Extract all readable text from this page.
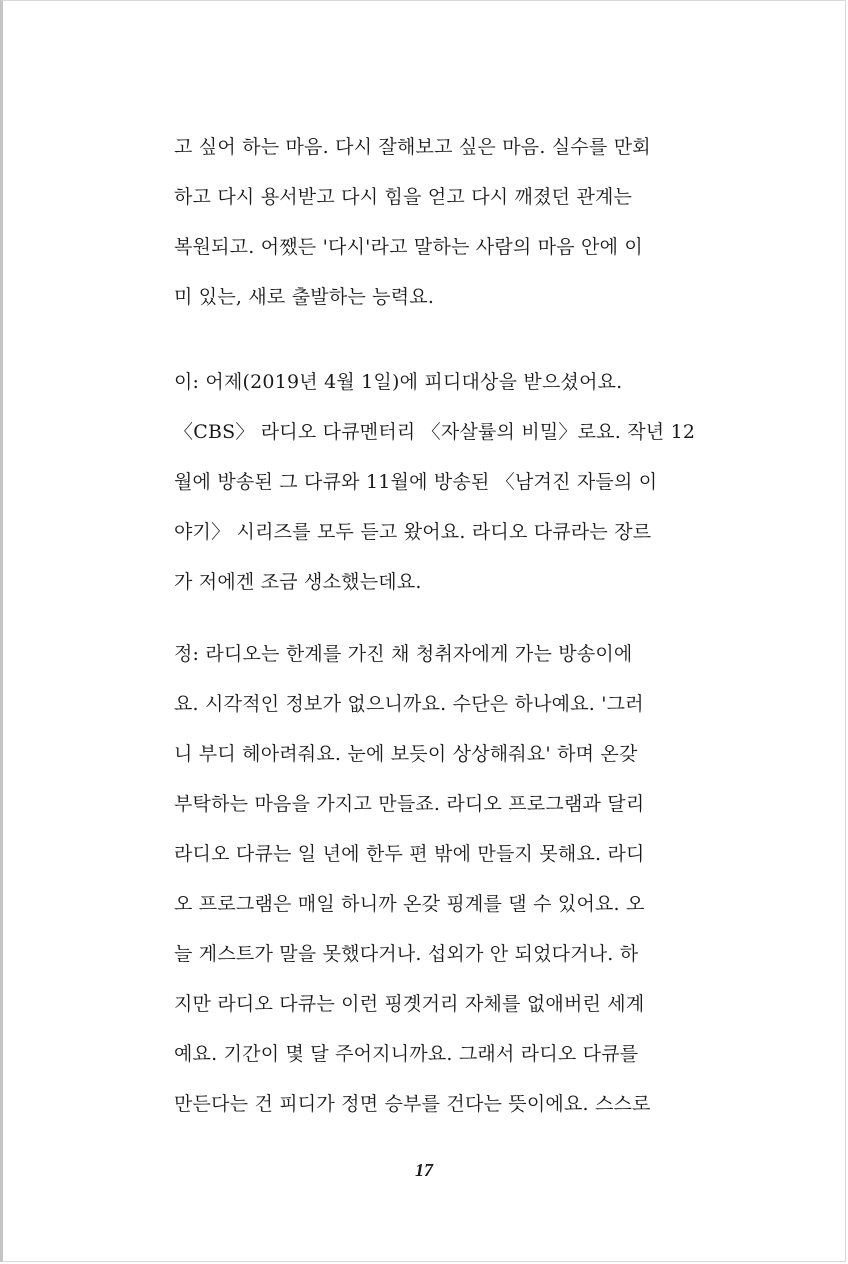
고 싶어 하는 마음. 다시 잘해보고 싶은 마음. 실수를 만회
하고 다시 용서받고 다시 힘을 얻고 다시 깨졌던 관계는
복원되고. 어쨌든 '다시'라고 말하는 사람의 마음 안에 이
미 있는, 새로 출발하는 능력요.
이: 어제(2019년 4월 1일)에 피디대상을 받으셨어요.
〈CBS〉 라디오 다큐멘터리 〈자살률의 비밀〉로요. 작년 12
월에 방송된 그 다큐와 11월에 방송된 〈남겨진 자들의 이
야기〉 시리즈를 모두 듣고 왔어요. 라디오 다큐라는 장르
가 저에겐 조금 생소했는데요.
정: 라디오는 한계를 가진 채 청취자에게 가는 방송이에
요. 시각적인 정보가 없으니까요. 수단은 하나예요. '그러
니 부디 헤아려줘요. 눈에 보듯이 상상해줘요' 하며 온갖
부탁하는 마음을 가지고 만들죠. 라디오 프로그램과 달리
라디오 다큐는 일 년에 한두 편 밖에 만들지 못해요. 라디
오 프로그램은 매일 하니까 온갖 핑계를 댈 수 있어요. 오
늘 게스트가 말을 못했다거나. 섭외가 안 되었다거나. 하
지만 라디오 다큐는 이런 핑곗거리 자체를 없애버린 세계
예요. 기간이 몇 달 주어지니까요. 그래서 라디오 다큐를
만든다는 건 피디가 정면 승부를 건다는 뜻이에요. 스스로
17
